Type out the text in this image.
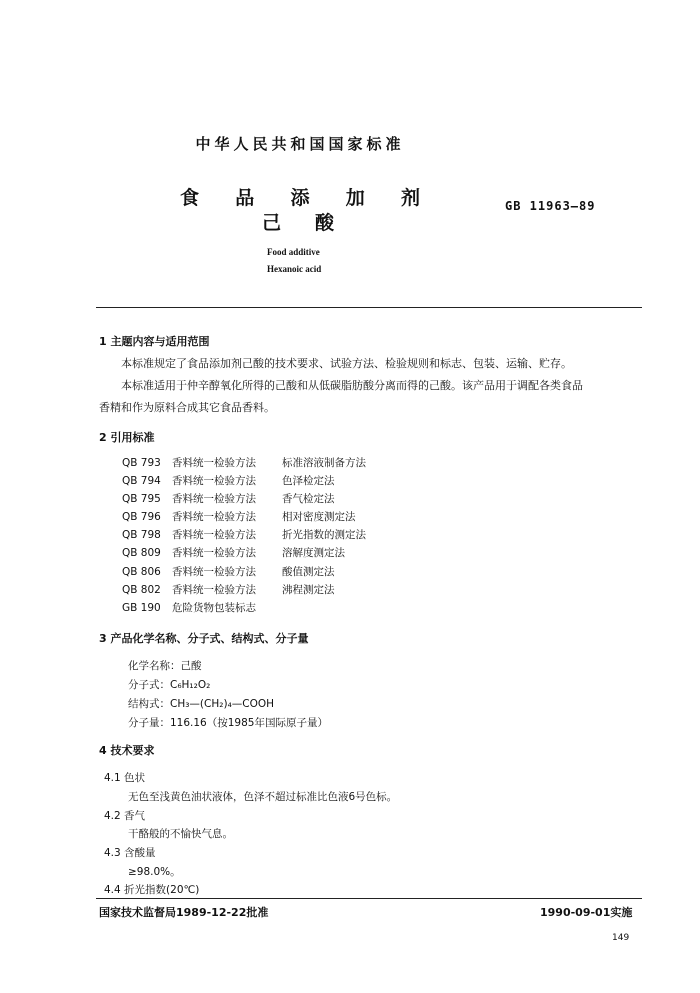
中华人民共和国国家标准
食 品 添 加 剂
己 酸
GB 11963—89
Food additive
Hexanoic acid
1 主题内容与适用范围
本标准规定了食品添加剂己酸的技术要求、试验方法、检验规则和标志、包装、运输、贮存。
本标准适用于仲辛醇氧化所得的己酸和从低碳脂肪酸分离而得的己酸。该产品用于调配各类食品
香精和作为原料合成其它食品香料。
2 引用标准
QB 793 香料统一检验方法 标准溶液制备方法
QB 794 香料统一检验方法 色泽检定法
QB 795 香料统一检验方法 香气检定法
QB 796 香料统一检验方法 相对密度测定法
QB 798 香料统一检验方法 折光指数的测定法
QB 809 香料统一检验方法 溶解度测定法
QB 806 香料统一检验方法 酸值测定法
QB 802 香料统一检验方法 沸程测定法
GB 190 危险货物包装标志
3 产品化学名称、分子式、结构式、分子量
化学名称：己酸
分子式：C₆H₁₂O₂
结构式：CH₃—(CH₂)₄—COOH
分子量：116.16（按1985年国际原子量）
4 技术要求
4.1 色状
无色至浅黄色油状液体，色泽不超过标准比色液6号色标。
4.2 香气
干酪般的不愉快气息。
4.3 含酸量
≥98.0%。
4.4 折光指数(20℃)
国家技术监督局1989-12-22批准	1990-09-01实施
149
